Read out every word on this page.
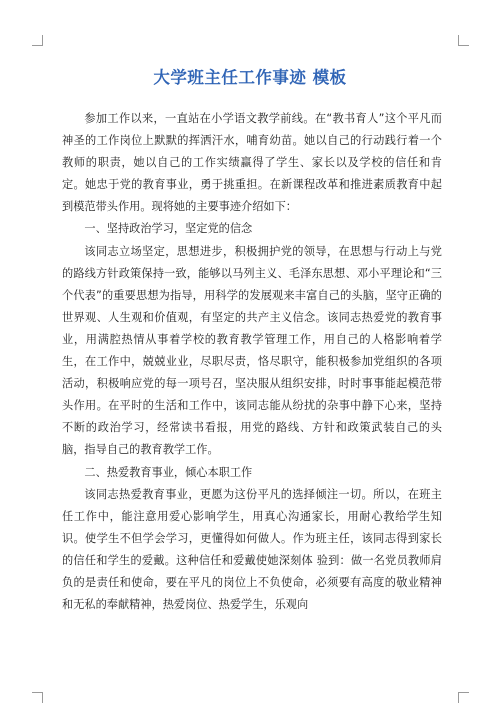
大学班主任工作事迹 模板

参加工作以来，一直站在小学语文教学前线。在“教书育人”这个平凡而神圣的工作岗位上默默的挥洒汗水，哺育幼苗。她以自己的行动践行着一个教师的职责，她以自己的工作实绩赢得了学生、家长以及学校的信任和肯定。她忠于党的教育事业，勇于挑重担。在新课程改革和推进素质教育中起到模范带头作用。现将她的主要事迹介绍如下：

一、坚持政治学习，坚定党的信念

该同志立场坚定，思想进步，积极拥护党的领导，在思想与行动上与党的路线方针政策保持一致，能够以马列主义、毛泽东思想、邓小平理论和“三个代表”的重要思想为指导，用科学的发展观来丰富自己的头脑，坚守正确的世界观、人生观和价值观，有坚定的共产主义信念。该同志热爱党的教育事业，用满腔热情从事着学校的教育教学管理工作，用自己的人格影响着学生，在工作中，兢兢业业，尽职尽责，恪尽职守，能积极参加党组织的各项活动，积极响应党的每一项号召，坚决服从组织安排，时时事事能起模范带头作用。在平时的生活和工作中，该同志能从纷扰的杂事中静下心来，坚持不断的政治学习，经常读书看报，用党的路线、方针和政策武装自己的头脑，指导自己的教育教学工作。

二、热爱教育事业，倾心本职工作

该同志热爱教育事业，更愿为这份平凡的选择倾注一切。所以，在班主任工作中，能注意用爱心影响学生，用真心沟通家长，用耐心教给学生知识。使学生不但学会学习，更懂得如何做人。作为班主任，该同志得到家长的信任和学生的爱戴。这种信任和爱戴使她深刻体 验到：做一名党员教师肩负的是责任和使命，要在平凡的岗位上不负使命，必须要有高度的敬业精神和无私的奉献精神，热爱岗位、热爱学生，乐观向
